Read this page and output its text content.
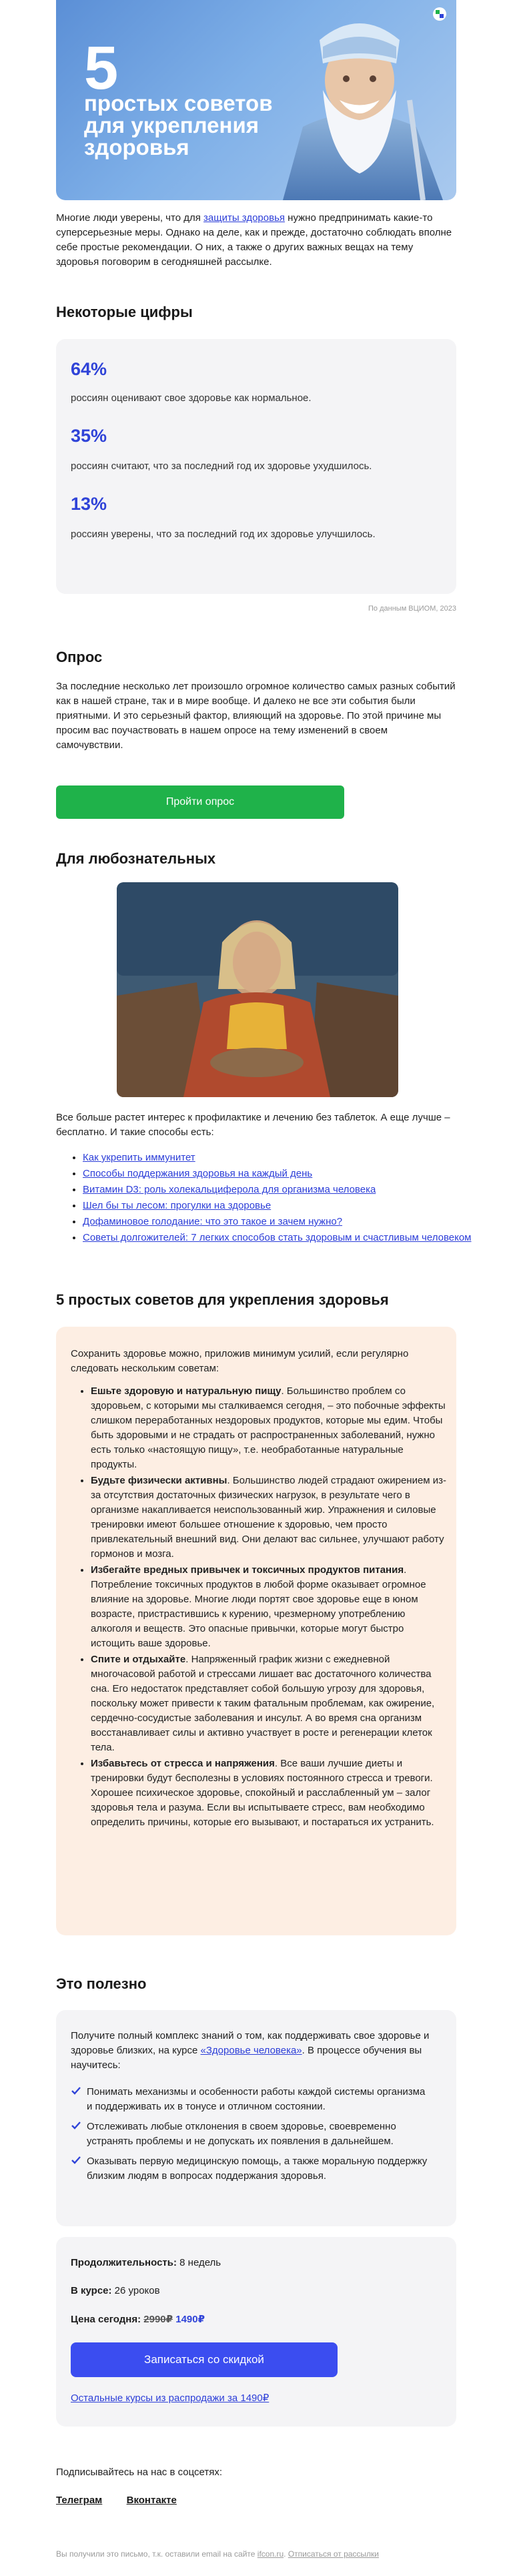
5
простых советов для укрепления здоровья

Многие люди уверены, что для защиты здоровья нужно предпринимать какие-то суперсерьезные меры. Однако на деле, как и прежде, достаточно соблюдать вполне себе простые рекомендации. О них, а также о других важных вещах на тему здоровья поговорим в сегодняшней рассылке.

Некоторые цифры
64%
россиян оценивают свое здоровье как нормальное.
35%
россиян считают, что за последний год их здоровье ухудшилось.
13%
россиян уверены, что за последний год их здоровье улучшилось.
По данным ВЦИОМ, 2023
Опрос

За последние несколько лет произошло огромное количество самых разных событий как в нашей стране, так и в мире вообще. И далеко не все эти события были приятными. И это серьезный фактор, влияющий на здоровье. По этой причине мы просим вас поучаствовать в нашем опросе на тему изменений в своем самочувствии.

Пройти опрос
Для любознательных

Все больше растет интерес к профилактике и лечению без таблеток. А еще лучше – бесплатно. И такие способы есть:

• Как укрепить иммунитет
• Способы поддержания здоровья на каждый день
• Витамин D3: роль холекальциферола для организма человека
• Шел бы ты лесом: прогулки на здоровье
• Дофаминовое голодание: что это такое и зачем нужно?
• Советы долгожителей: 7 легких способов стать здоровым и счастливым человеком
5 простых советов для укрепления здоровья

Сохранить здоровье можно, приложив минимум усилий, если регулярно следовать нескольким советам:

• Ешьте здоровую и натуральную пищу. Большинство проблем со здоровьем, с которыми мы сталкиваемся сегодня, – это побочные эффекты слишком переработанных нездоровых продуктов, которые мы едим. Чтобы быть здоровыми и не страдать от распространенных заболеваний, нужно есть только «настоящую пищу», т.е. необработанные натуральные продукты.
• Будьте физически активны. Большинство людей страдают ожирением из-за отсутствия достаточных физических нагрузок, в результате чего в организме накапливается неиспользованный жир. Упражнения и силовые тренировки имеют большее отношение к здоровью, чем просто привлекательный внешний вид. Они делают вас сильнее, улучшают работу гормонов и мозга.
• Избегайте вредных привычек и токсичных продуктов питания. Потребление токсичных продуктов в любой форме оказывает огромное влияние на здоровье. Многие люди портят свое здоровье еще в юном возрасте, пристрастившись к курению, чрезмерному употреблению алкоголя и веществ. Это опасные привычки, которые могут быстро истощить ваше здоровье.
• Спите и отдыхайте. Напряженный график жизни с ежедневной многочасовой работой и стрессами лишает вас достаточного количества сна. Его недостаток представляет собой большую угрозу для здоровья, поскольку может привести к таким фатальным проблемам, как ожирение, сердечно-сосудистые заболевания и инсульт. А во время сна организм восстанавливает силы и активно участвует в росте и регенерации клеток тела.
• Избавьтесь от стресса и напряжения. Все ваши лучшие диеты и тренировки будут бесполезны в условиях постоянного стресса и тревоги. Хорошее психическое здоровье, спокойный и расслабленный ум – залог здоровья тела и разума. Если вы испытываете стресс, вам необходимо определить причины, которые его вызывают, и постараться их устранить.
Это полезно

Получите полный комплекс знаний о том, как поддерживать свое здоровье и здоровье близких, на курсе «Здоровье человека». В процессе обучения вы научитесь:

Понимать механизмы и особенности работы каждой системы организма и поддерживать их в тонусе и отличном состоянии.
Отслеживать любые отклонения в своем здоровье, своевременно устранять проблемы и не допускать их появления в дальнейшем.
Оказывать первую медицинскую помощь, а также моральную поддержку близким людям в вопросах поддержания здоровья.
Продолжительность: 8 недель
В курсе: 26 уроков
Цена сегодня: 2990₽ 1490₽
Записаться со скидкой
Остальные курсы из распродажи за 1490₽
Подписывайтесь на нас в соцсетях:
Телеграм Вконтакте
Вы получили это письмо, т.к. оставили email на сайте ifcon.ru. Отписаться от рассылки
